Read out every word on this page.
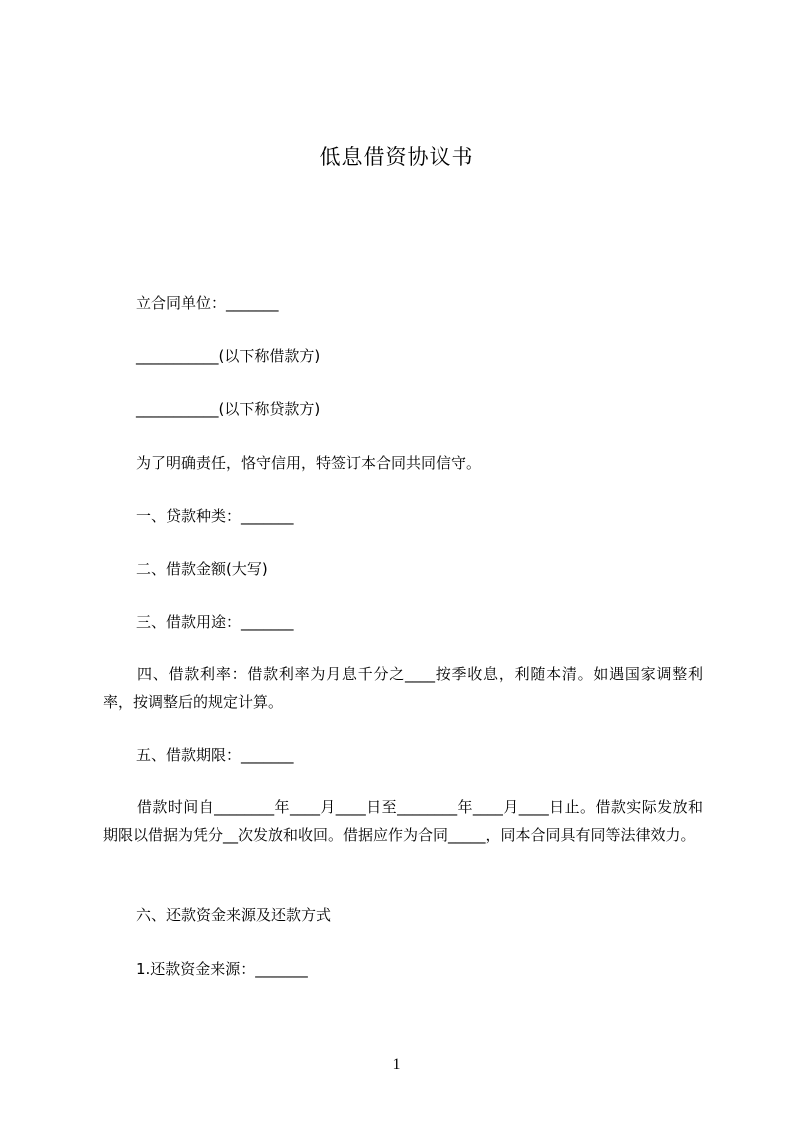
低息借资协议书
立合同单位：_______
___________(以下称借款方)
___________(以下称贷款方)
为了明确责任，恪守信用，特签订本合同共同信守。
一、贷款种类：_______
二、借款金额(大写)
三、借款用途：_______
四、借款利率：借款利率为月息千分之____按季收息，利随本清。如遇国家调整利率，按调整后的规定计算。
五、借款期限：_______
借款时间自________年____月____日至________年____月____日止。借款实际发放和期限以借据为凭分__次发放和收回。借据应作为合同_____，同本合同具有同等法律效力。
六、还款资金来源及还款方式
1.还款资金来源：_______
1
